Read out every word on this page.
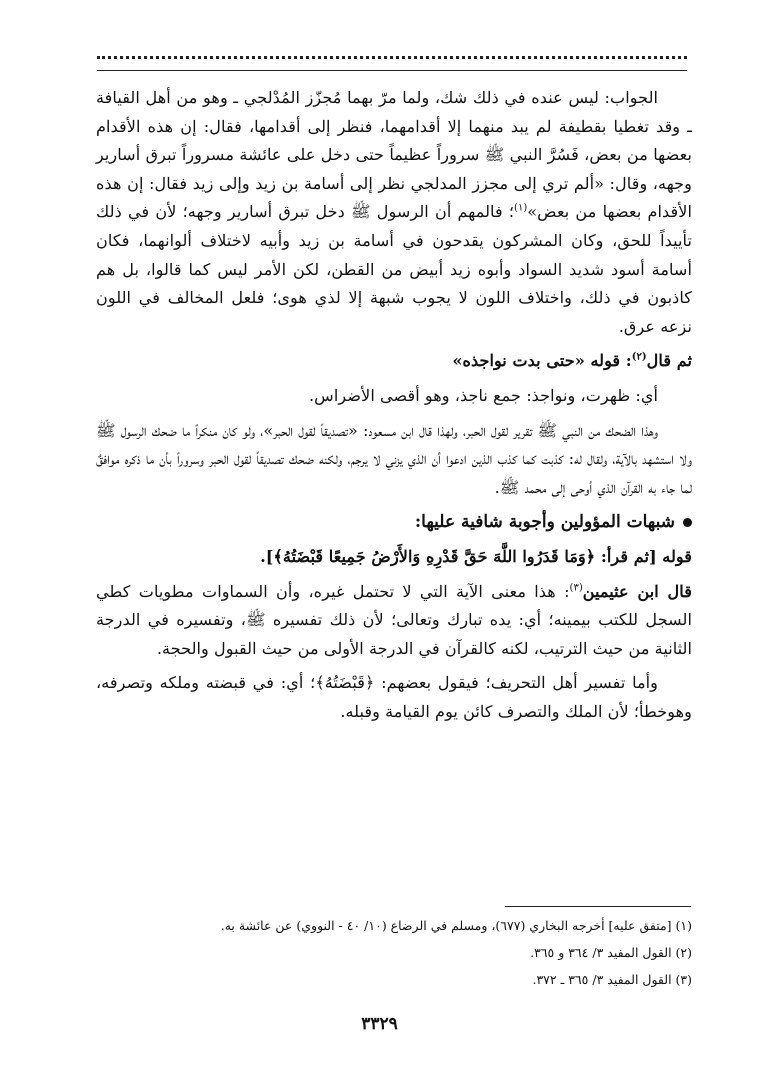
الجواب: ليس عنده في ذلك شك، ولما مرّ بهما مُجزّز المُدْلجي ـ وهو من أهل القيافة ـ وقد تغطيا بقطيفة لم يبد منهما إلا أقدامهما، فنظر إلى أقدامها، فقال: إن هذه الأقدام بعضها من بعض، فَسُرَّ النبي ﷺ سروراً عظيماً حتى دخل على عائشة مسروراً تبرق أسارير وجهه، وقال: «ألم تري إلى مجزز المدلجي نظر إلى أسامة بن زيد وإلى زيد فقال: إن هذه الأقدام بعضها من بعض»$^{(١)}$؛ فالمهم أن الرسول ﷺ دخل تبرق أسارير وجهه؛ لأن في ذلك تأييداً للحق، وكان المشركون يقدحون في أسامة بن زيد وأبيه لاختلاف ألوانهما، فكان أسامة أسود شديد السواد وأبوه زيد أبيض من القطن، لكن الأمر ليس كما قالوا، بل هم كاذبون في ذلك، واختلاف اللون لا يجوب شبهة إلا لذي هوى؛ فلعل المخالف في اللون نزعه عرق.

ثم قال$^{(٢)}$: قوله «حتى بدت نواجذه»

أي: ظهرت، ونواجذ: جمع ناجذ، وهو أقصى الأضراس.

وهذا الضحك من النبي ﷺ تقرير لقول الحبر، ولهذا قال ابن مسعود: «تصديقاً لقول الحبر»، ولو كان منكراً ما ضحك الرسول ﷺ ولا استشهد بالآية، ولقال له: كذبت كما كذب الذين ادعوا أن الذي يزني لا يرجم، ولكنه ضحك تصديقاً لقول الحبر وسروراً بأن ما ذكره موافقٌ لما جاء به القرآن الذي أوحى إلى محمد ﷺ.

شبهات المؤولين وأجوبة شافية عليها:

قوله [ثم قرأ: ﴿وَمَا قَدَرُوا اللَّهَ حَقَّ قَدْرِهِ وَالأَرْضُ جَمِيعًا قَبْضَتُهُ﴾].

قال ابن عثيمين$^{(٣)}$: هذا معنى الآية التي لا تحتمل غيره، وأن السماوات مطويات كطي السجل للكتب بيمينه؛ أي: يده تبارك وتعالى؛ لأن ذلك تفسيره ﷺ، وتفسيره في الدرجة الثانية من حيث الترتيب، لكنه كالقرآن في الدرجة الأولى من حيث القبول والحجة.

وأما تفسير أهل التحريف؛ فيقول بعضهم: ﴿قَبْضَتُهُ﴾؛ أي: في قبضته وملكه وتصرفه، وهوخطأ؛ لأن الملك والتصرف كائن يوم القيامة وقبله.

(١) [متفق عليه] أخرجه البخاري (٦٧٧)، ومسلم في الرضاع (١٠/ ٤٠ - النووي) عن عائشة به.
(٢) القول المفيد ٣/ ٣٦٤ و ٣٦٥.
(٣) القول المفيد ٣/ ٣٦٥ ـ ٣٧٢.
٣٣٢٩
